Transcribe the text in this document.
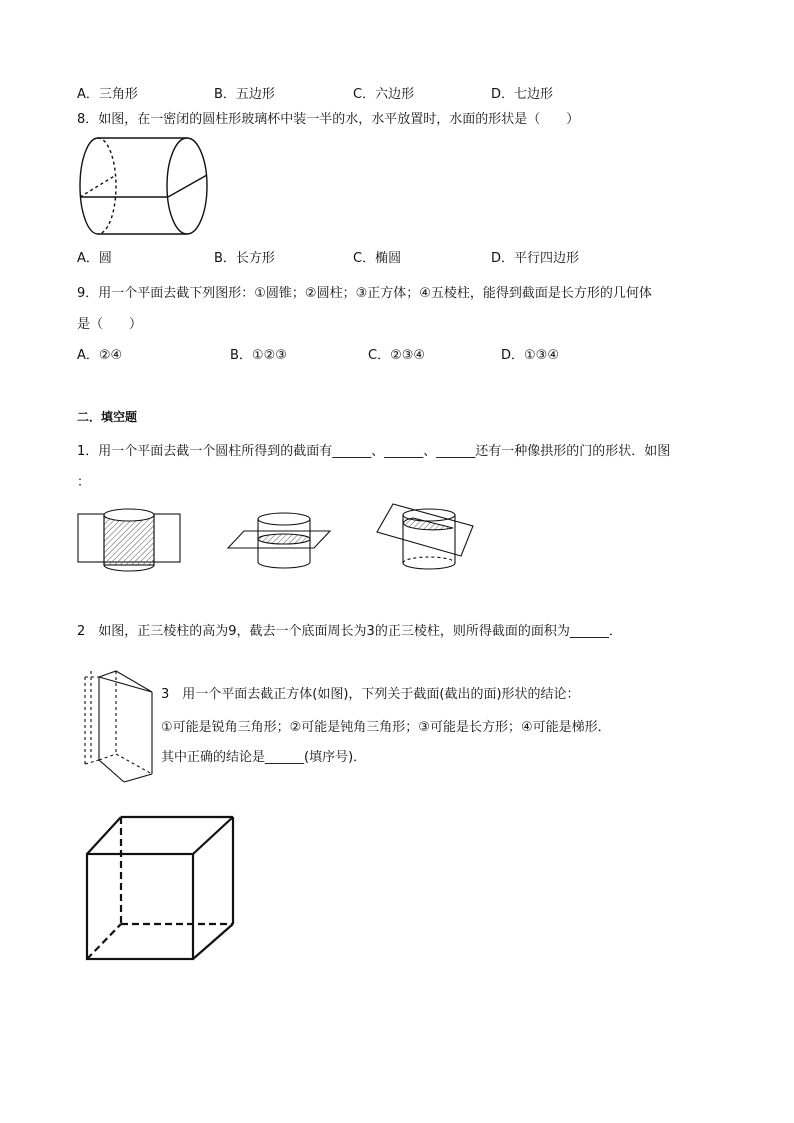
A．三角形	B．五边形	C．六边形	D．七边形
8．如图，在一密闭的圆柱形玻璃杯中装一半的水，水平放置时，水面的形状是（　　）
A．圆	B．长方形	C．椭圆	D．平行四边形
9．用一个平面去截下列图形：①圆锥；②圆柱；③正方体；④五棱柱，能得到截面是长方形的几何体
是（　　）
A．②④	B．①②③	C．②③④	D．①③④
二．填空题
1．用一个平面去截一个圆柱所得到的截面有______、______、______还有一种像拱形的门的形状．如图
：
2　如图，正三棱柱的高为9，截去一个底面周长为3的正三棱柱，则所得截面的面积为______．
3　用一个平面去截正方体(如图)，下列关于截面(截出的面)形状的结论：
①可能是锐角三角形；②可能是钝角三角形；③可能是长方形；④可能是梯形．
其中正确的结论是______(填序号)．
